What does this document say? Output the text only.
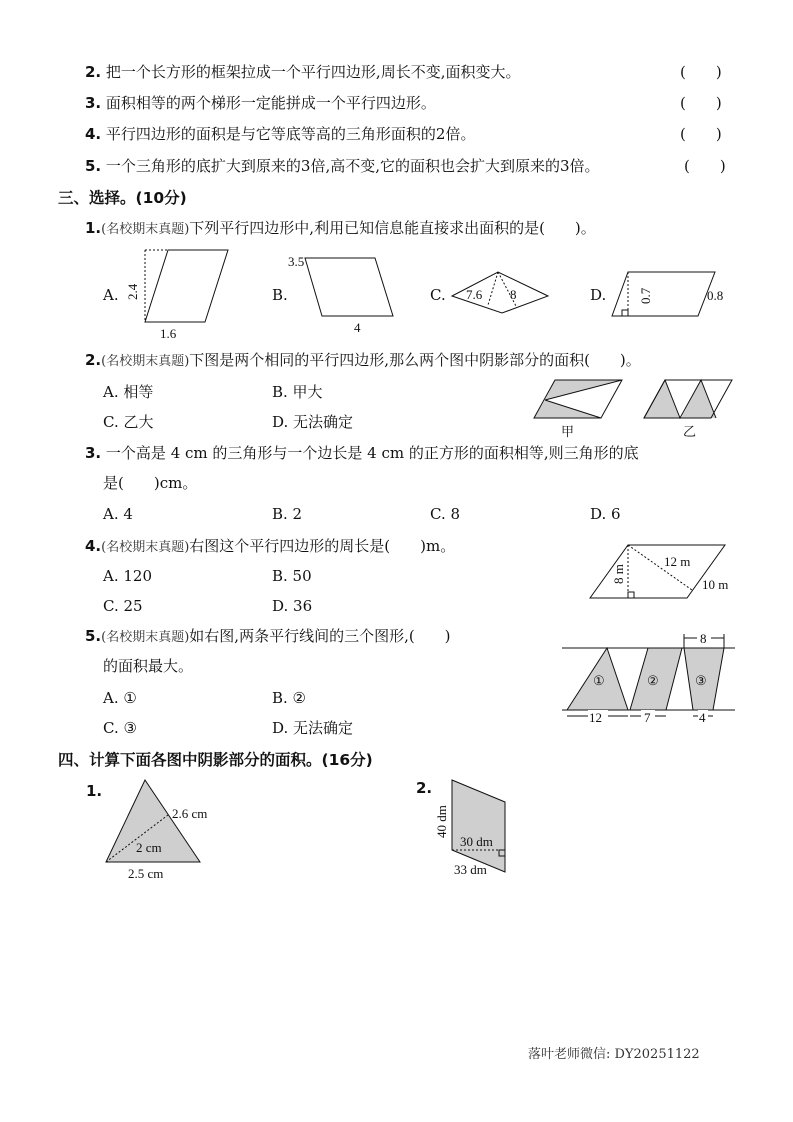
2. 把一个长方形的框架拉成一个平行四边形,周长不变,面积变大。	(　　)
3. 面积相等的两个梯形一定能拼成一个平行四边形。	(　　)
4. 平行四边形的面积是与它等底等高的三角形面积的2倍。	(　　)
5. 一个三角形的底扩大到原来的3倍,高不变,它的面积也会扩大到原来的3倍。	(　　)
三、选择。(10分)
1.(名校期末真题)下列平行四边形中,利用已知信息能直接求出面积的是(　　)。
A.	B.	C.	D.
2.(名校期末真题)下图是两个相同的平行四边形,那么两个图中阴影部分的面积(　　)。
A. 相等	B. 甲大
C. 乙大	D. 无法确定
3. 一个高是 4 cm 的三角形与一个边长是 4 cm 的正方形的面积相等,则三角形的底
是(　　)cm。
A. 4	B. 2	C. 8	D. 6
4.(名校期末真题)右图这个平行四边形的周长是(　　)m。
A. 120	B. 50
C. 25	D. 36
5.(名校期末真题)如右图,两条平行线间的三个图形,(　　)
的面积最大。
A. ①	B. ②
C. ③	D. 无法确定
四、计算下面各图中阴影部分的面积。(16分)
1.	2.
落叶老师微信: DY20251122
2.4
1.6
3.5
4
7.6 8	0.7	0.8
甲	乙
8 m
12 m
10 m
①	②	③
12	7	4
8
2.6 cm
2 cm
2.5 cm
40 dm
30 dm
33 dm
